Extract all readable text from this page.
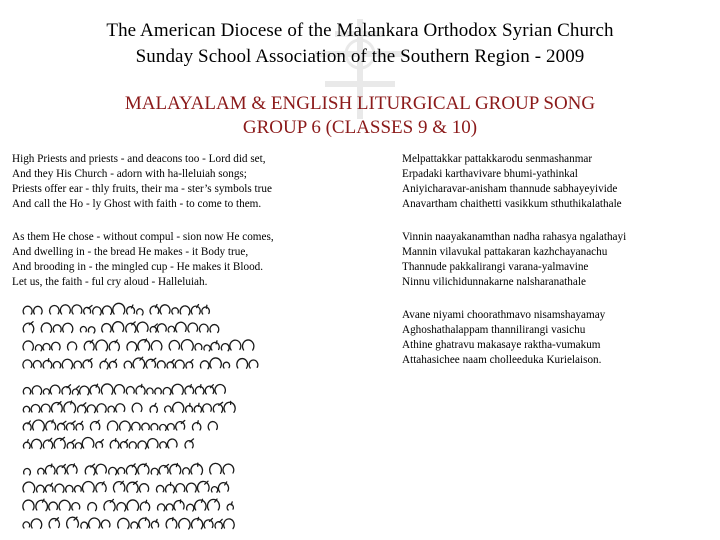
The American Diocese of the Malankara Orthodox Syrian Church
Sunday School Association of the Southern Region - 2009
MALAYALAM & ENGLISH LITURGICAL GROUP SONG
GROUP 6 (CLASSES 9 & 10)
High Priests and priests - and deacons too - Lord did set,
And they His Church - adorn with ha-lleluiah songs;
Priests offer ear - thly fruits, their ma - ster’s symbols true
And call the Ho - ly Ghost with faith - to come to them.
As them He chose - without compul - sion now He comes,
And dwelling in - the bread He makes - it Body true,
And brooding in - the mingled cup - He makes it Blood.
Let us, the faith - ful cry aloud - Halleluiah.
Melpattakkar pattakkarodu senmashanmar
Erpadaki karthavivare bhumi-yathinkal
Aniyicharavar-anisham thannude sabhayeyivide
Anavartham chaithetti vasikkum sthuthikalathale
Vinnin naayakanamthan nadha rahasya ngalathayi
Mannin vilavukal pattakaran kazhchayanachu
Thannude pakkalirangi varana-yalmavine
Ninnu vilichidunnakarne nalsharanathale
Avane niyami choorathmavo nisamshayamay
Aghoshathalappam thannilirangi vasichu
Athine ghatravu makasaye raktha-vumakum
Attahasichee naam cholleeduka Kurielaison.
